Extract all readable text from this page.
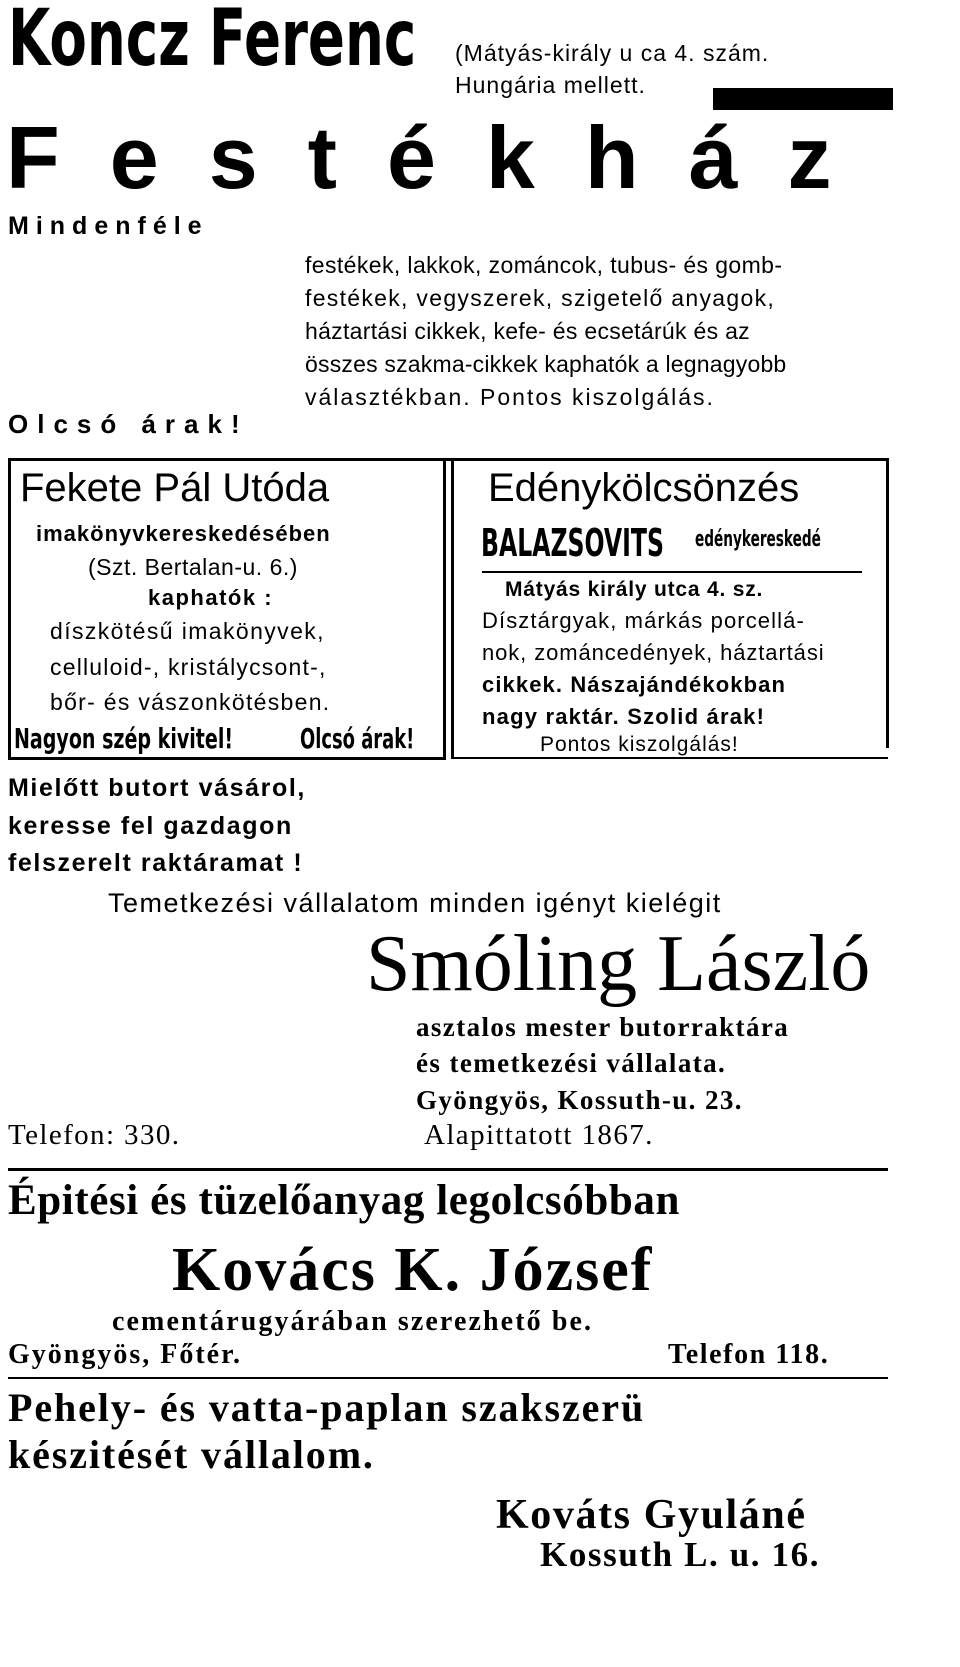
Koncz Ferenc (Mátyás-király u ca 4. szám.
Hungária mellett.
Festékház
Mindenféle
festékek, lakkok, zománcok, tubus- és gomb-
festékek, vegyszerek, szigetelő anyagok,
háztartási cikkek, kefe- és ecsetárúk és az
összes szakma-cikkek kaphatók a legnagyobb
választékban. Pontos kiszolgálás.
Olcsó árak!
Fekete Pál Utóda
imakönyvkereskedésében
(Szt. Bertalan-u. 6.)
kaphatók :
díszkötésű imakönyvek,
celluloid-, kristálycsont-,
bőr- és vászonkötésben.
Nagyon szép kivitel! Olcsó árak!
Edénykölcsönzés
BALAZSOVITS edénykereskedé
Mátyás király utca 4. sz.
Dísztárgyak, márkás porcellá-
nok, zománcedények, háztartási
cikkek. Nászajándékokban
nagy raktár. Szolid árak!
Pontos kiszolgálás!
Mielőtt butort vásárol,
keresse fel gazdagon
felszerelt raktáramat !
Temetkezési vállalatom minden igényt kielégit
Smóling László
asztalos mester butorraktára
és temetkezési vállalata.
Gyöngyös, Kossuth-u. 23.
Telefon: 330.	Alapittatott 1867.
Épitési és tüzelőanyag legolcsóbban
Kovács K. József
cementárugyárában szerezhető be.
Gyöngyös, Főtér.	Telefon 118.
Pehely- és vatta-paplan szakszerü
készitését vállalom.
Kováts Gyuláné
Kossuth L. u. 16.
